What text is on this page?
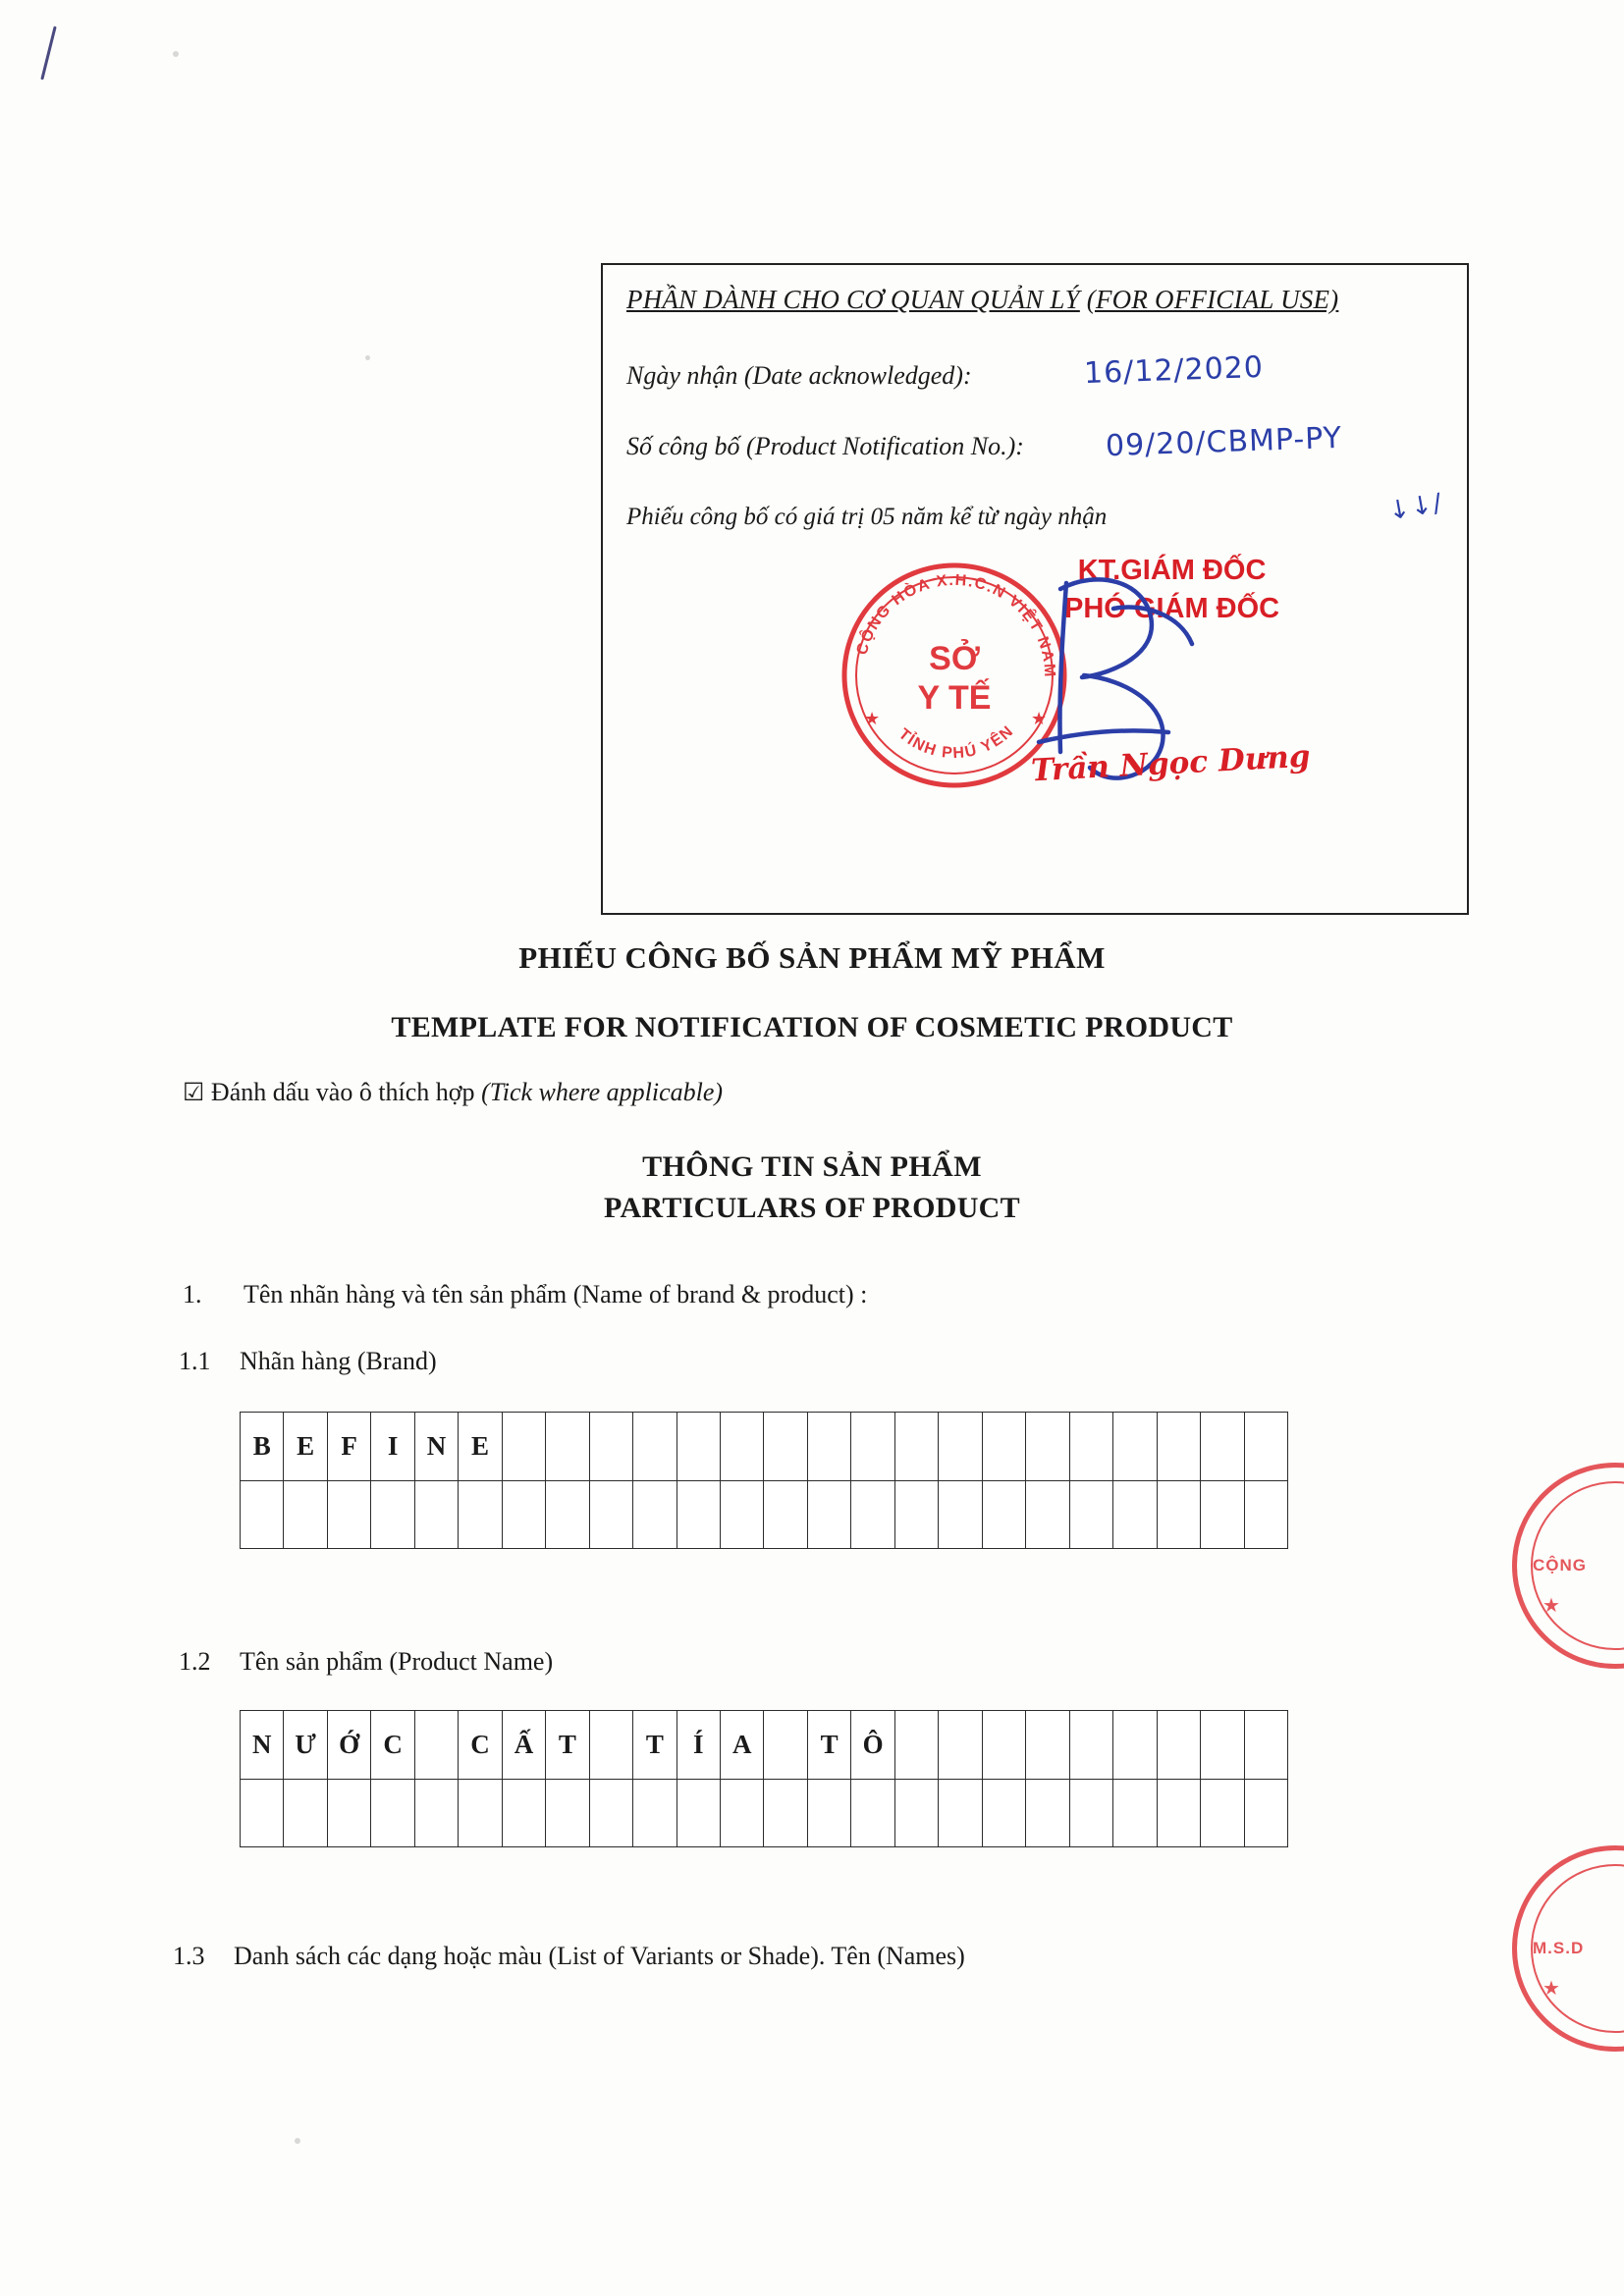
PHẦN DÀNH CHO CƠ QUAN QUẢN LÝ (FOR OFFICIAL USE)
Ngày nhận (Date acknowledged):	16/12/2020
Số công bố (Product Notification No.):	09/20/CBMP-PY
Phiếu công bố có giá trị 05 năm kể từ ngày nhận	↓↓/
KT.GIÁM ĐỐC
PHÓ GIÁM ĐỐC
CỘNG HÒA X.H.C.N VIỆT NAM
TỈNH PHÚ YÊN
SỞ
Y TẾ
★	★
Trần Ngọc Dưng
PHIẾU CÔNG BỐ SẢN PHẨM MỸ PHẨM
TEMPLATE FOR NOTIFICATION OF COSMETIC PRODUCT
☑ Đánh dấu vào ô thích hợp (Tick where applicable)
THÔNG TIN SẢN PHẨM
PARTICULARS OF PRODUCT
1. Tên nhãn hàng và tên sản phẩm (Name of brand & product) :
1.1 Nhãn hàng (Brand)
1.2 Tên sản phẩm (Product Name)
1.3 Danh sách các dạng hoặc màu (List of Variants or Shade). Tên (Names)
B E	F	I	N E
N Ư Ớ C	C Ấ T	T	Í	A	T Ô
CỘNG
★
M.S.D
★
